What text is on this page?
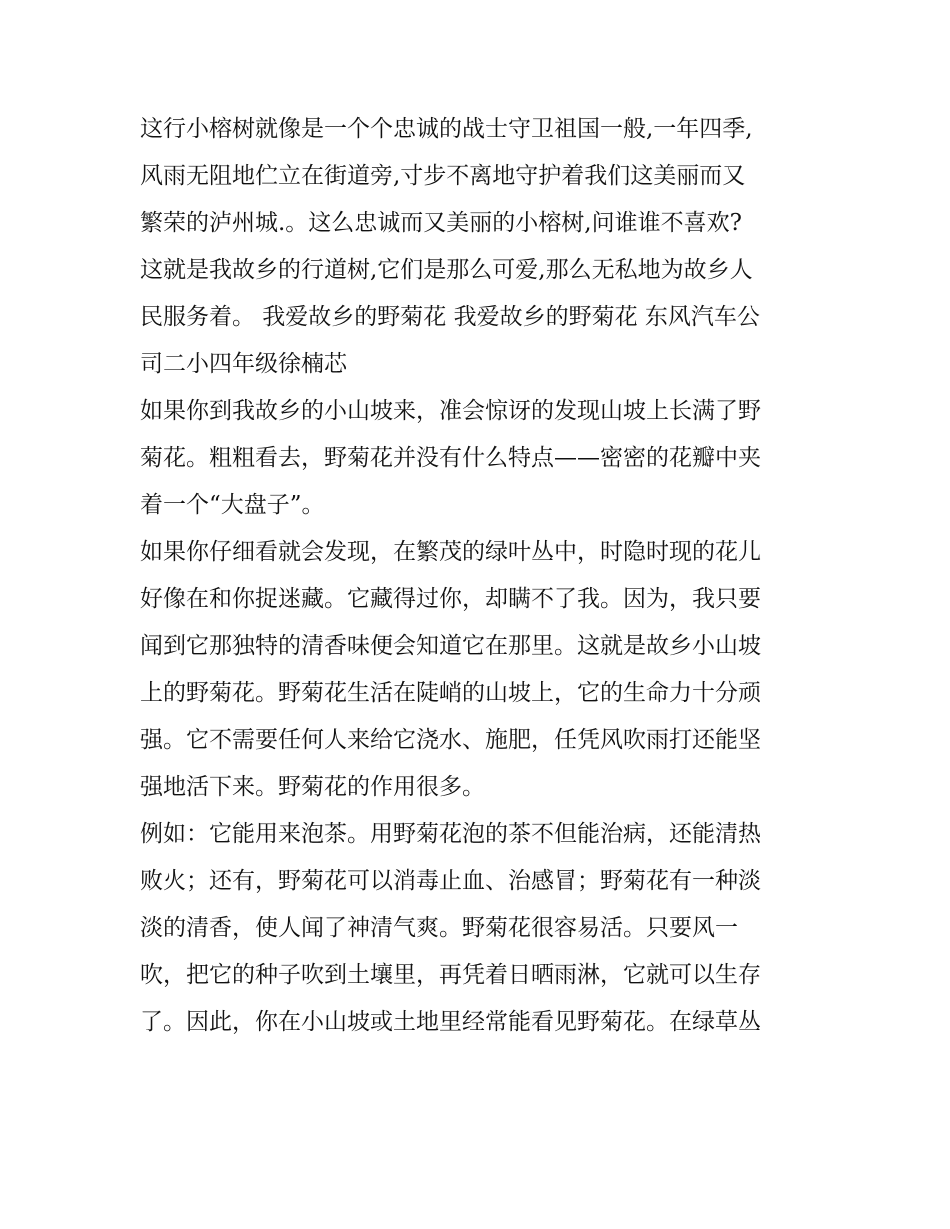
这行小榕树就像是一个个忠诚的战士守卫祖国一般,一年四季,
风雨无阻地伫立在街道旁,寸步不离地守护着我们这美丽而又
繁荣的泸州城.。这么忠诚而又美丽的小榕树,问谁谁不喜欢?
这就是我故乡的行道树,它们是那么可爱,那么无私地为故乡人
民服务着。 我爱故乡的野菊花 我爱故乡的野菊花 东风汽车公
司二小四年级徐楠芯
如果你到我故乡的小山坡来，准会惊讶的发现山坡上长满了野
菊花。粗粗看去，野菊花并没有什么特点——密密的花瓣中夹
着一个“大盘子”。
如果你仔细看就会发现，在繁茂的绿叶丛中，时隐时现的花儿
好像在和你捉迷藏。它藏得过你，却瞒不了我。因为，我只要
闻到它那独特的清香味便会知道它在那里。这就是故乡小山坡
上的野菊花。野菊花生活在陡峭的山坡上，它的生命力十分顽
强。它不需要任何人来给它浇水、施肥，任凭风吹雨打还能坚
强地活下来。野菊花的作用很多。
例如：它能用来泡茶。用野菊花泡的茶不但能治病，还能清热
败火；还有，野菊花可以消毒止血、治感冒；野菊花有一种淡
淡的清香，使人闻了神清气爽。野菊花很容易活。只要风一
吹，把它的种子吹到土壤里，再凭着日晒雨淋，它就可以生存
了。因此，你在小山坡或土地里经常能看见野菊花。在绿草丛
